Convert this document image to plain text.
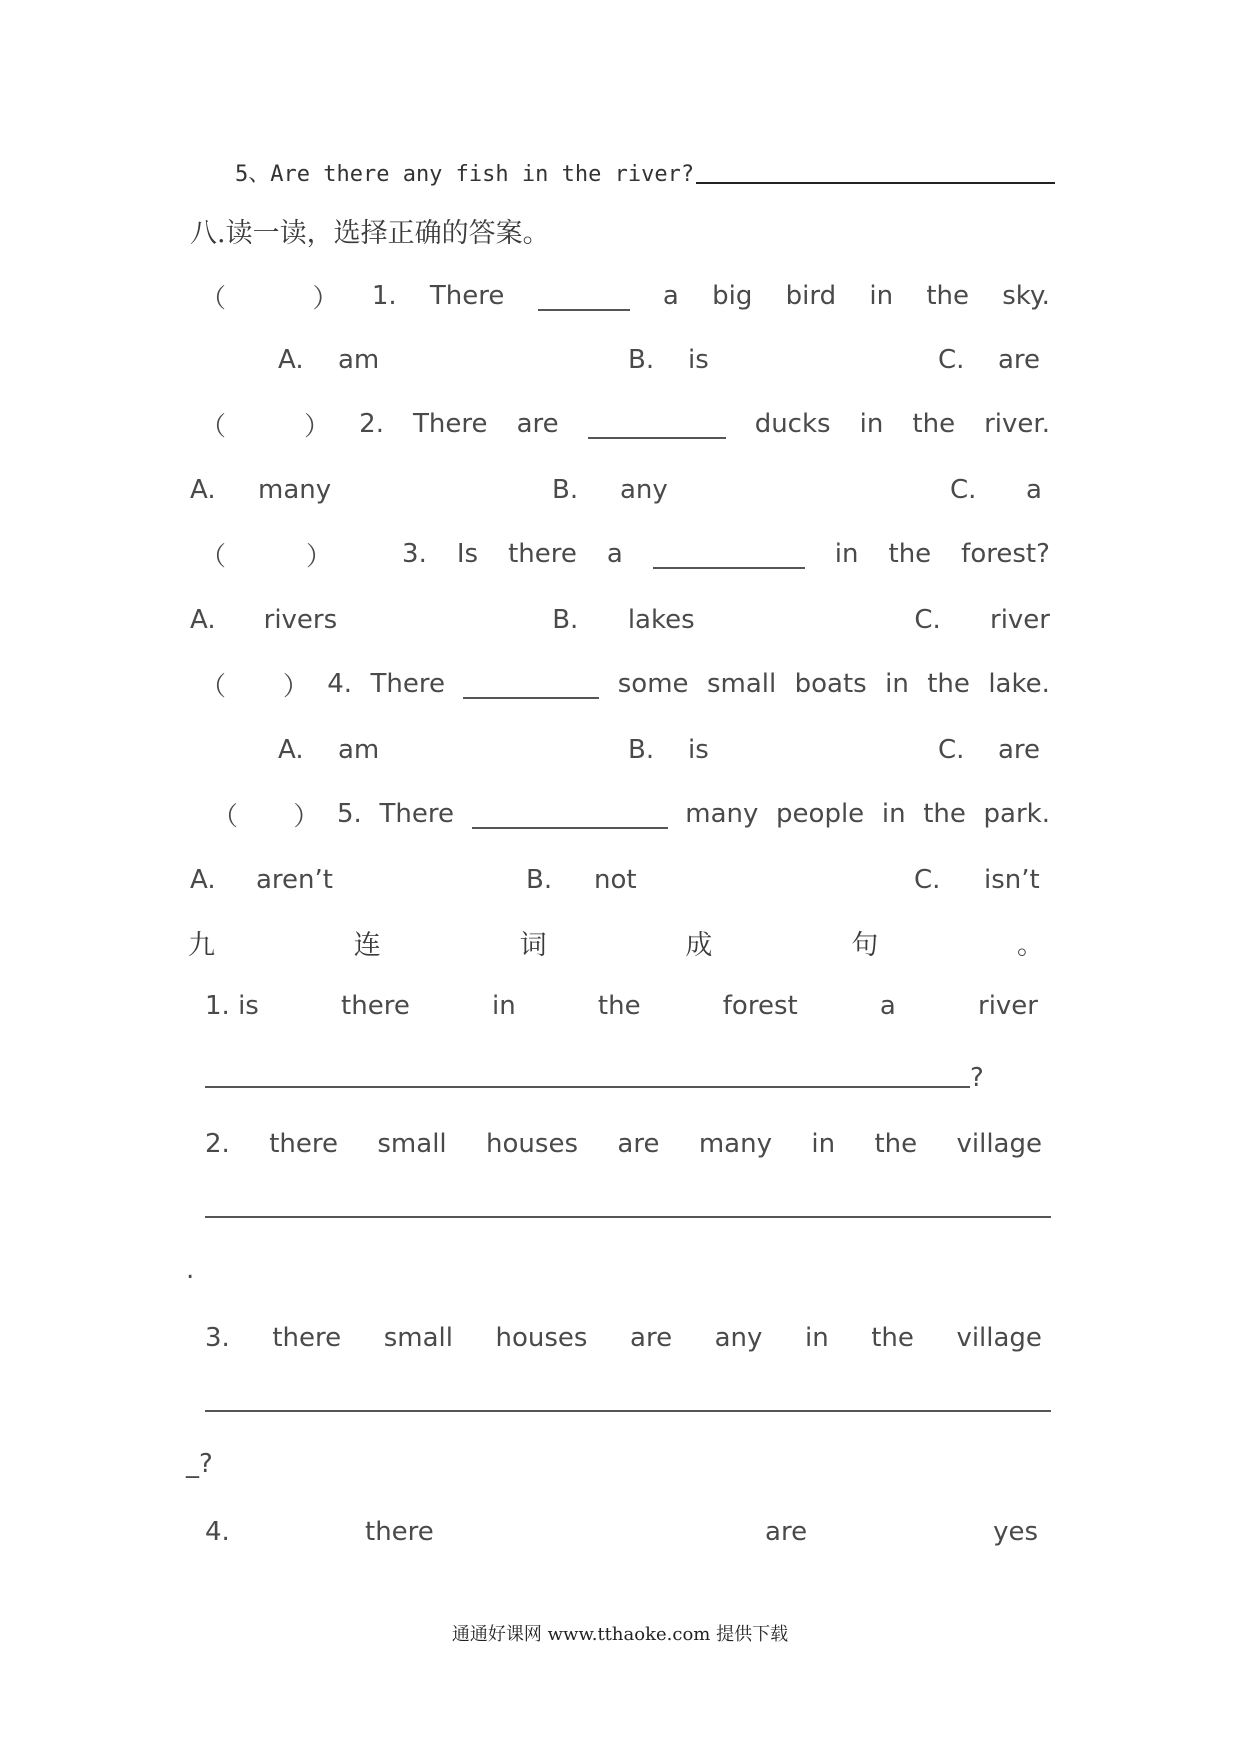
5、Are there any fish in the river?
八.读一读，选择正确的答案。
（	） 1. There	a big bird in the sky.
A.	am	B.	is	C.	are
（	） 2. There are	ducks in the river.
A.	many	B.	any	C.	a
（	）	3. Is there a	in the forest?
A.	rivers	B.	lakes	C.	river
（ ） 4. There	some small boats in the lake.
A.	am	B.	is	C.	are
（ ） 5. There	many people in the park.
A.	aren’t	B.	not	C.	isn’t
九	连	词	成	句	。
1. is	there	in	the	forest	a	river
?
2. there small houses are many in the village
.
3. there small houses are any in the village
_?
4.	there	are	yes
通通好课网 www.tthaoke.com 提供下载
